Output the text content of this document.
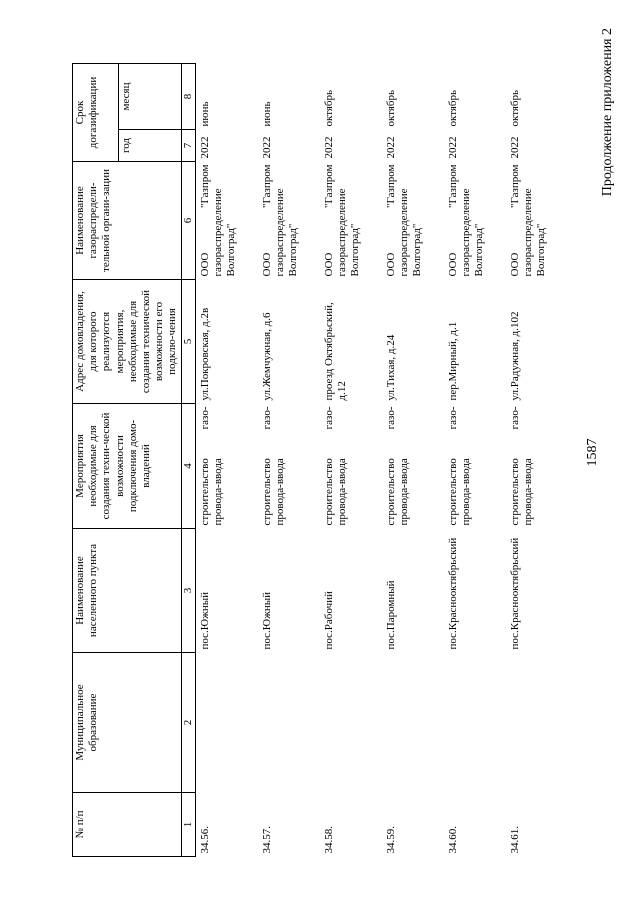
1587
Продолжение приложения 2
№ п/п	Муниципальное образование	Наименование населенного пункта	Мероприятия необходимые для создания техни-ческой возможности подключения домо-владений	Адрес домовладения, для которого реализуются мероприятия, необходимые для создания технической возможности его подклю-чения	Наименование газораспредели-тельной органи-зации	Срок догазификации	
						год	месяц
1	2	3	4	5	6	7	8
34.56.		пос.Южный	строительство газо-провода-ввода	ул.Покровская, д.2в	ООО "Газпром газораспределение Волгоград"	2022	июнь
34.57.		пос.Южный	строительство газо-провода-ввода	ул.Жемчужная, д.6	ООО "Газпром газораспределение Волгоград"	2022	июнь
34.58.		пос.Рабочий	строительство газо-провода-ввода	проезд Октябрьский, д.12	ООО "Газпром газораспределение Волгоград"	2022	октябрь
34.59.		пос.Паромный	строительство газо-провода-ввода	ул.Тихая, д.24	ООО "Газпром газораспределение Волгоград"	2022	октябрь
34.60.		пос.Краснооктябрьский	строительство газо-провода-ввода	пер.Мирный, д.1	ООО "Газпром газораспределение Волгоград"	2022	октябрь
34.61.		пос.Краснооктябрьский	строительство газо-провода-ввода	ул.Радужная, д.102	ООО "Газпром газораспределение Волгоград"	2022	октябрь
